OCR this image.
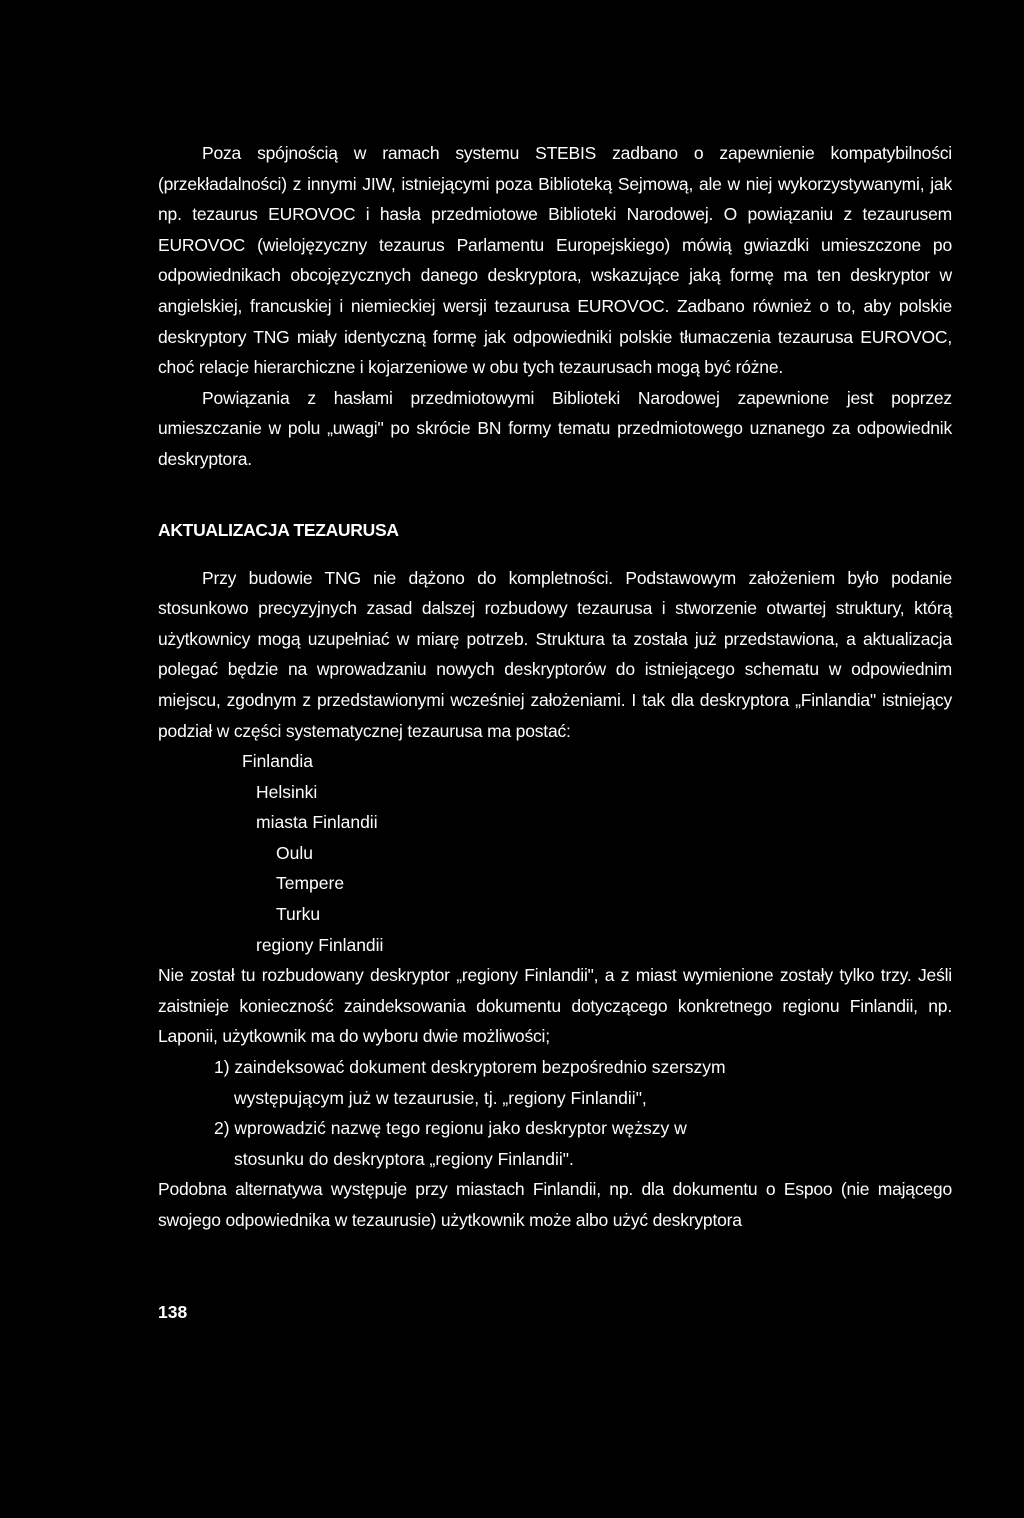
Poza spójnością w ramach systemu STEBIS zadbano o zapewnienie kompatybilności (przekładalności) z innymi JIW, istniejącymi poza Biblioteką Sejmową, ale w niej wykorzystywanymi, jak np. tezaurus EUROVOC i hasła przedmiotowe Biblioteki Narodowej. O powiązaniu z tezaurusem EUROVOC (wielojęzyczny tezaurus Parlamentu Europejskiego) mówią gwiazdki umieszczone po odpowiednikach obcojęzycznych danego deskryptora, wskazujące jaką formę ma ten deskryptor w angielskiej, francuskiej i niemieckiej wersji tezaurusa EUROVOC. Zadbano również o to, aby polskie deskryptory TNG miały identyczną formę jak odpowiedniki polskie tłumaczenia tezaurusa EUROVOC, choć relacje hierarchiczne i kojarzeniowe w obu tych tezaurusach mogą być różne.

Powiązania z hasłami przedmiotowymi Biblioteki Narodowej zapewnione jest poprzez umieszczanie w polu „uwagi" po skrócie BN formy tematu przedmiotowego uznanego za odpowiednik deskryptora.

AKTUALIZACJA TEZAURUSA

Przy budowie TNG nie dążono do kompletności. Podstawowym założeniem było podanie stosunkowo precyzyjnych zasad dalszej rozbudowy tezaurusa i stworzenie otwartej struktury, którą użytkownicy mogą uzupełniać w miarę potrzeb. Struktura ta została już przedstawiona, a aktualizacja polegać będzie na wprowadzaniu nowych deskryptorów do istniejącego schematu w odpowiednim miejscu, zgodnym z przedstawionymi wcześniej założeniami. I tak dla deskryptora „Finlandia" istniejący podział w części systematycznej tezaurusa ma postać:

Finlandia
Helsinki
miasta Finlandii
Oulu
Tempere
Turku
regiony Finlandii

Nie został tu rozbudowany deskryptor „regiony Finlandii", a z miast wymienione zostały tylko trzy. Jeśli zaistnieje konieczność zaindeksowania dokumentu dotyczącego konkretnego regionu Finlandii, np. Laponii, użytkownik ma do wyboru dwie możliwości;

1) zaindeksować dokument deskryptorem bezpośrednio szerszym
występującym już w tezaurusie, tj. „regiony Finlandii",
2) wprowadzić nazwę tego regionu jako deskryptor węższy w
stosunku do deskryptora „regiony Finlandii".

Podobna alternatywa występuje przy miastach Finlandii, np. dla dokumentu o Espoo (nie mającego swojego odpowiednika w tezaurusie) użytkownik może albo użyć deskryptora

138
